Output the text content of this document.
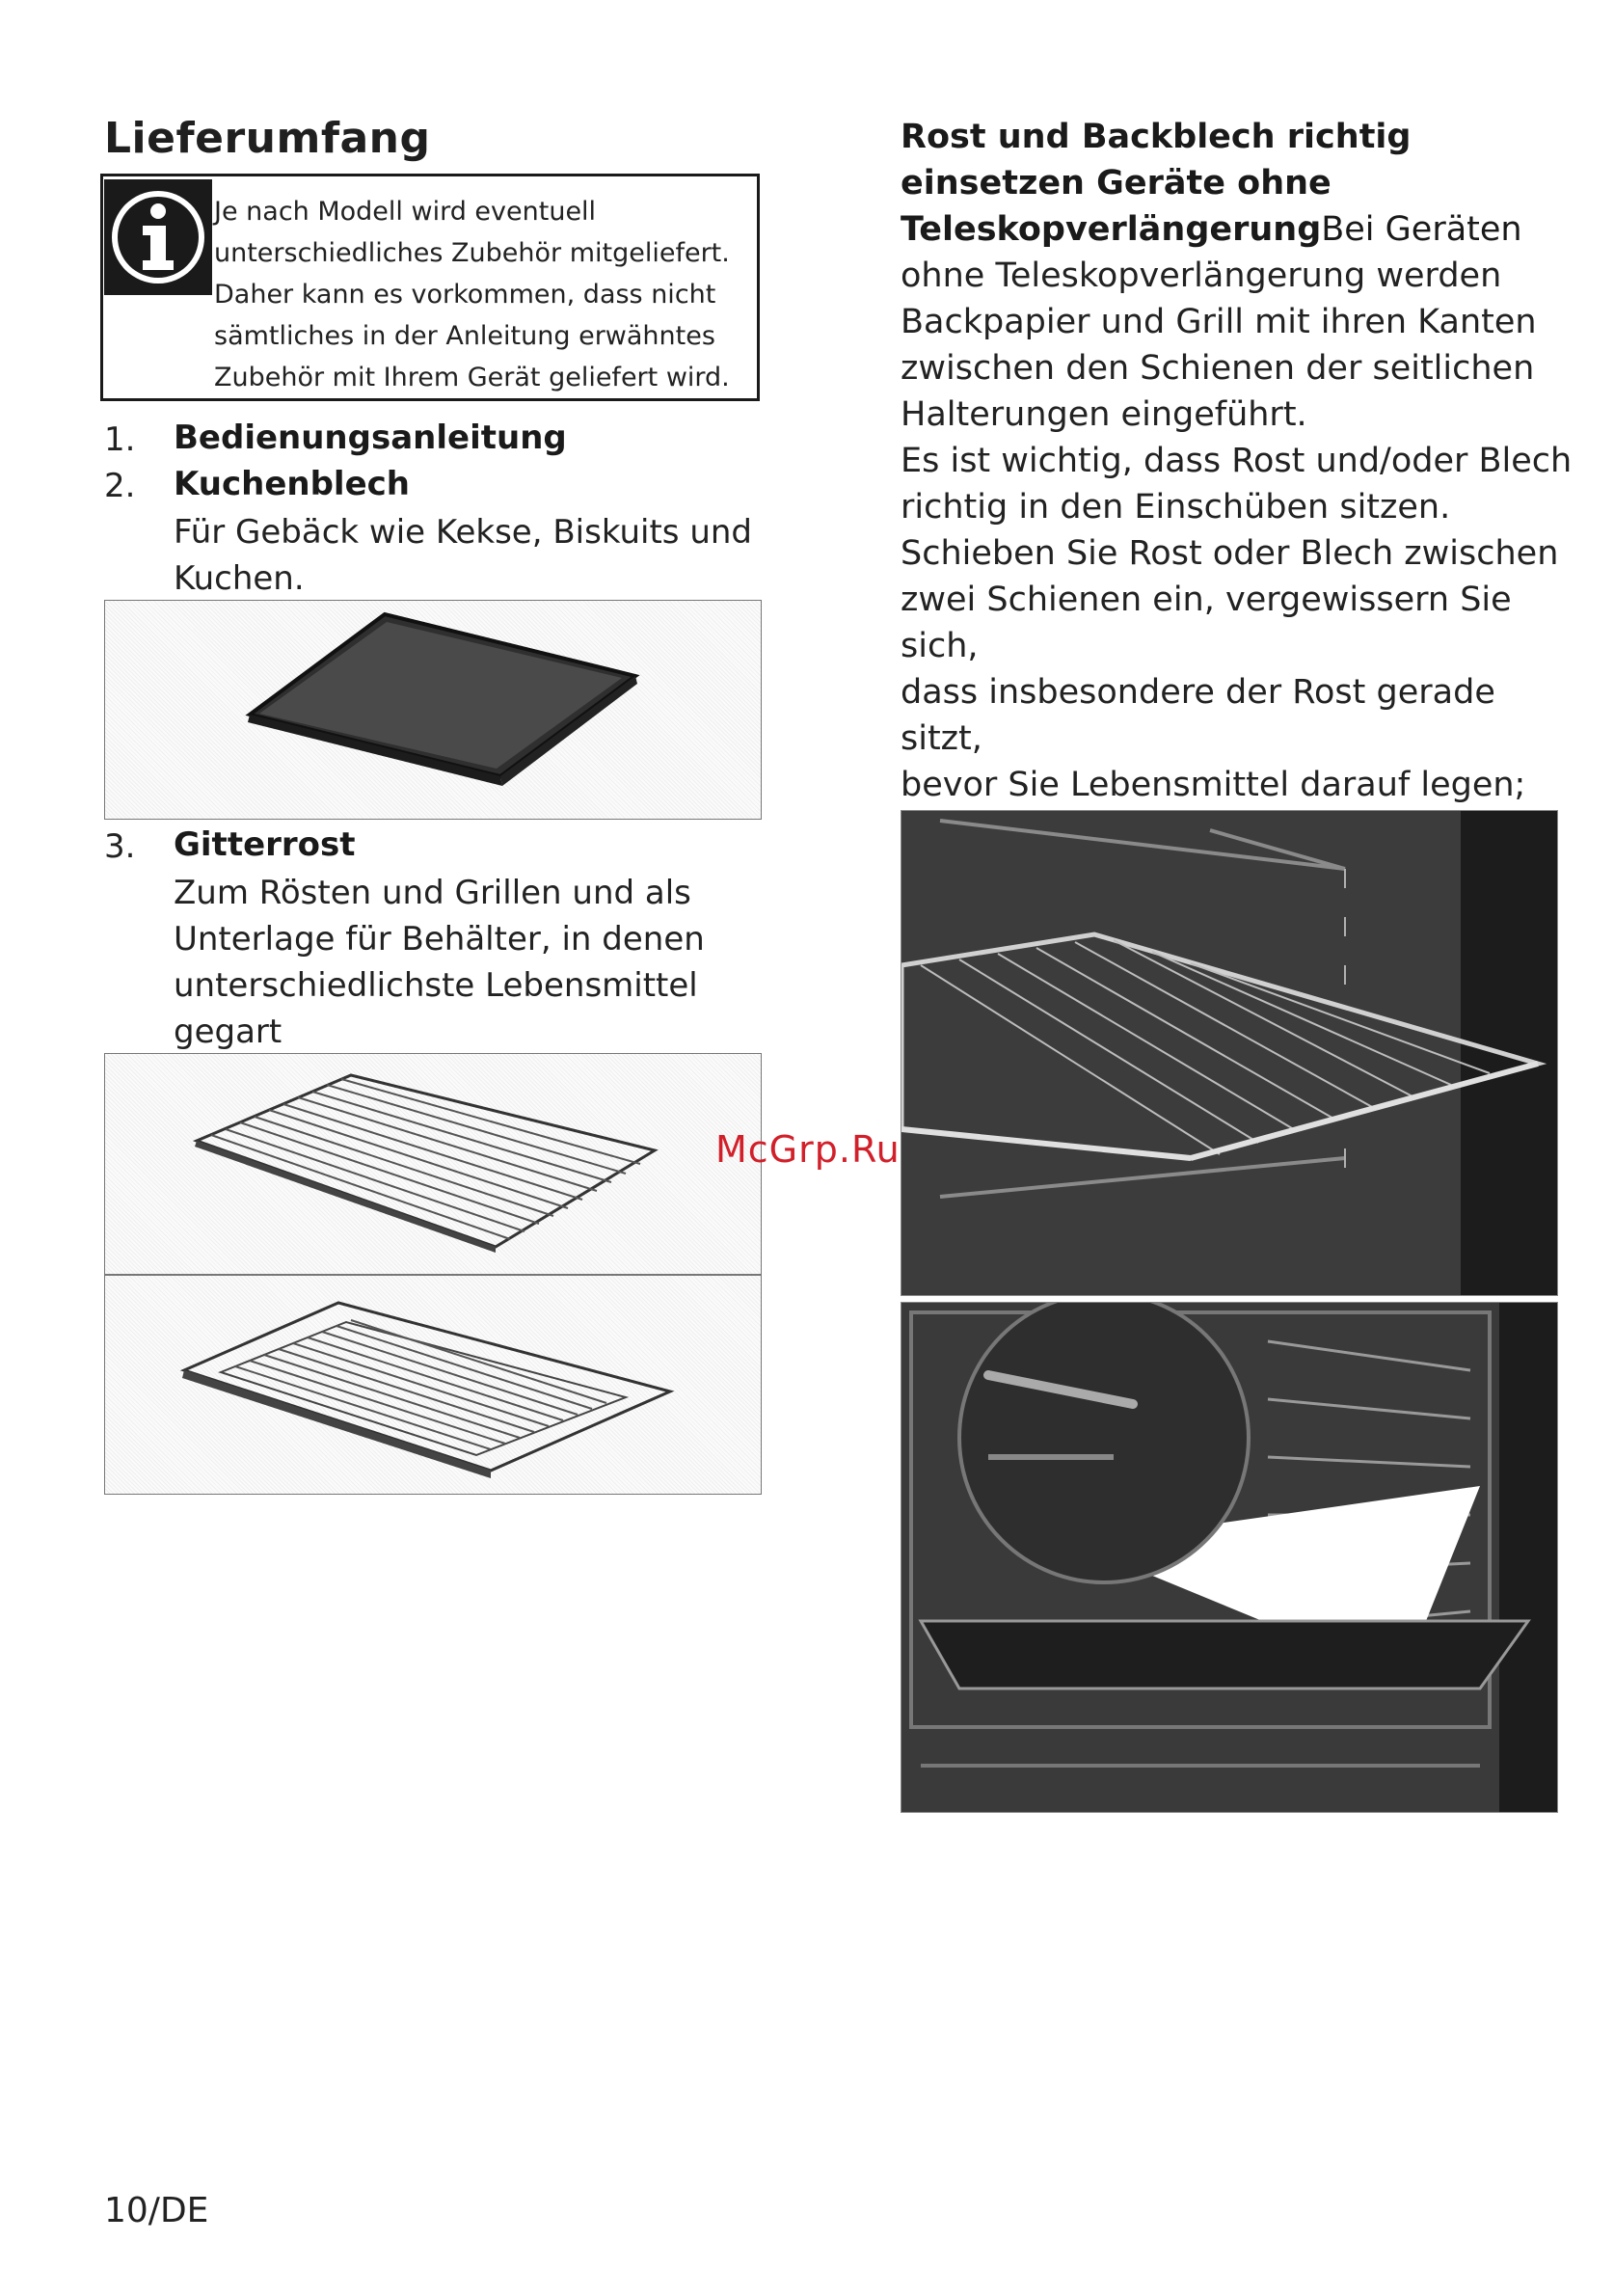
Lieferumfang
Je nach Modell wird eventuell
unterschiedliches Zubehör mitgeliefert.
Daher kann es vorkommen, dass nicht
sämtliches in der Anleitung erwähntes
Zubehör mit Ihrem Gerät geliefert wird.
1. Bedienungsanleitung
2. Kuchenblech
Für Gebäck wie Kekse, Biskuits und
Kuchen.
3. Gitterrost
Zum Rösten und Grillen und als
Unterlage für Behälter, in denen
unterschiedlichste Lebensmittel gegart
Rost und Backblech richtig
einsetzen Geräte ohne
TeleskopverlängerungBei Geräten
ohne Teleskopverlängerung werden
Backpapier und Grill mit ihren Kanten
zwischen den Schienen der seitlichen
Halterungen eingeführt.
Es ist wichtig, dass Rost und/oder Blech
richtig in den Einschüben sitzen.
Schieben Sie Rost oder Blech zwischen
zwei Schienen ein, vergewissern Sie sich,
dass insbesondere der Rost gerade sitzt,
bevor Sie Lebensmittel darauf legen;
McGrp.Ru
10/DE
